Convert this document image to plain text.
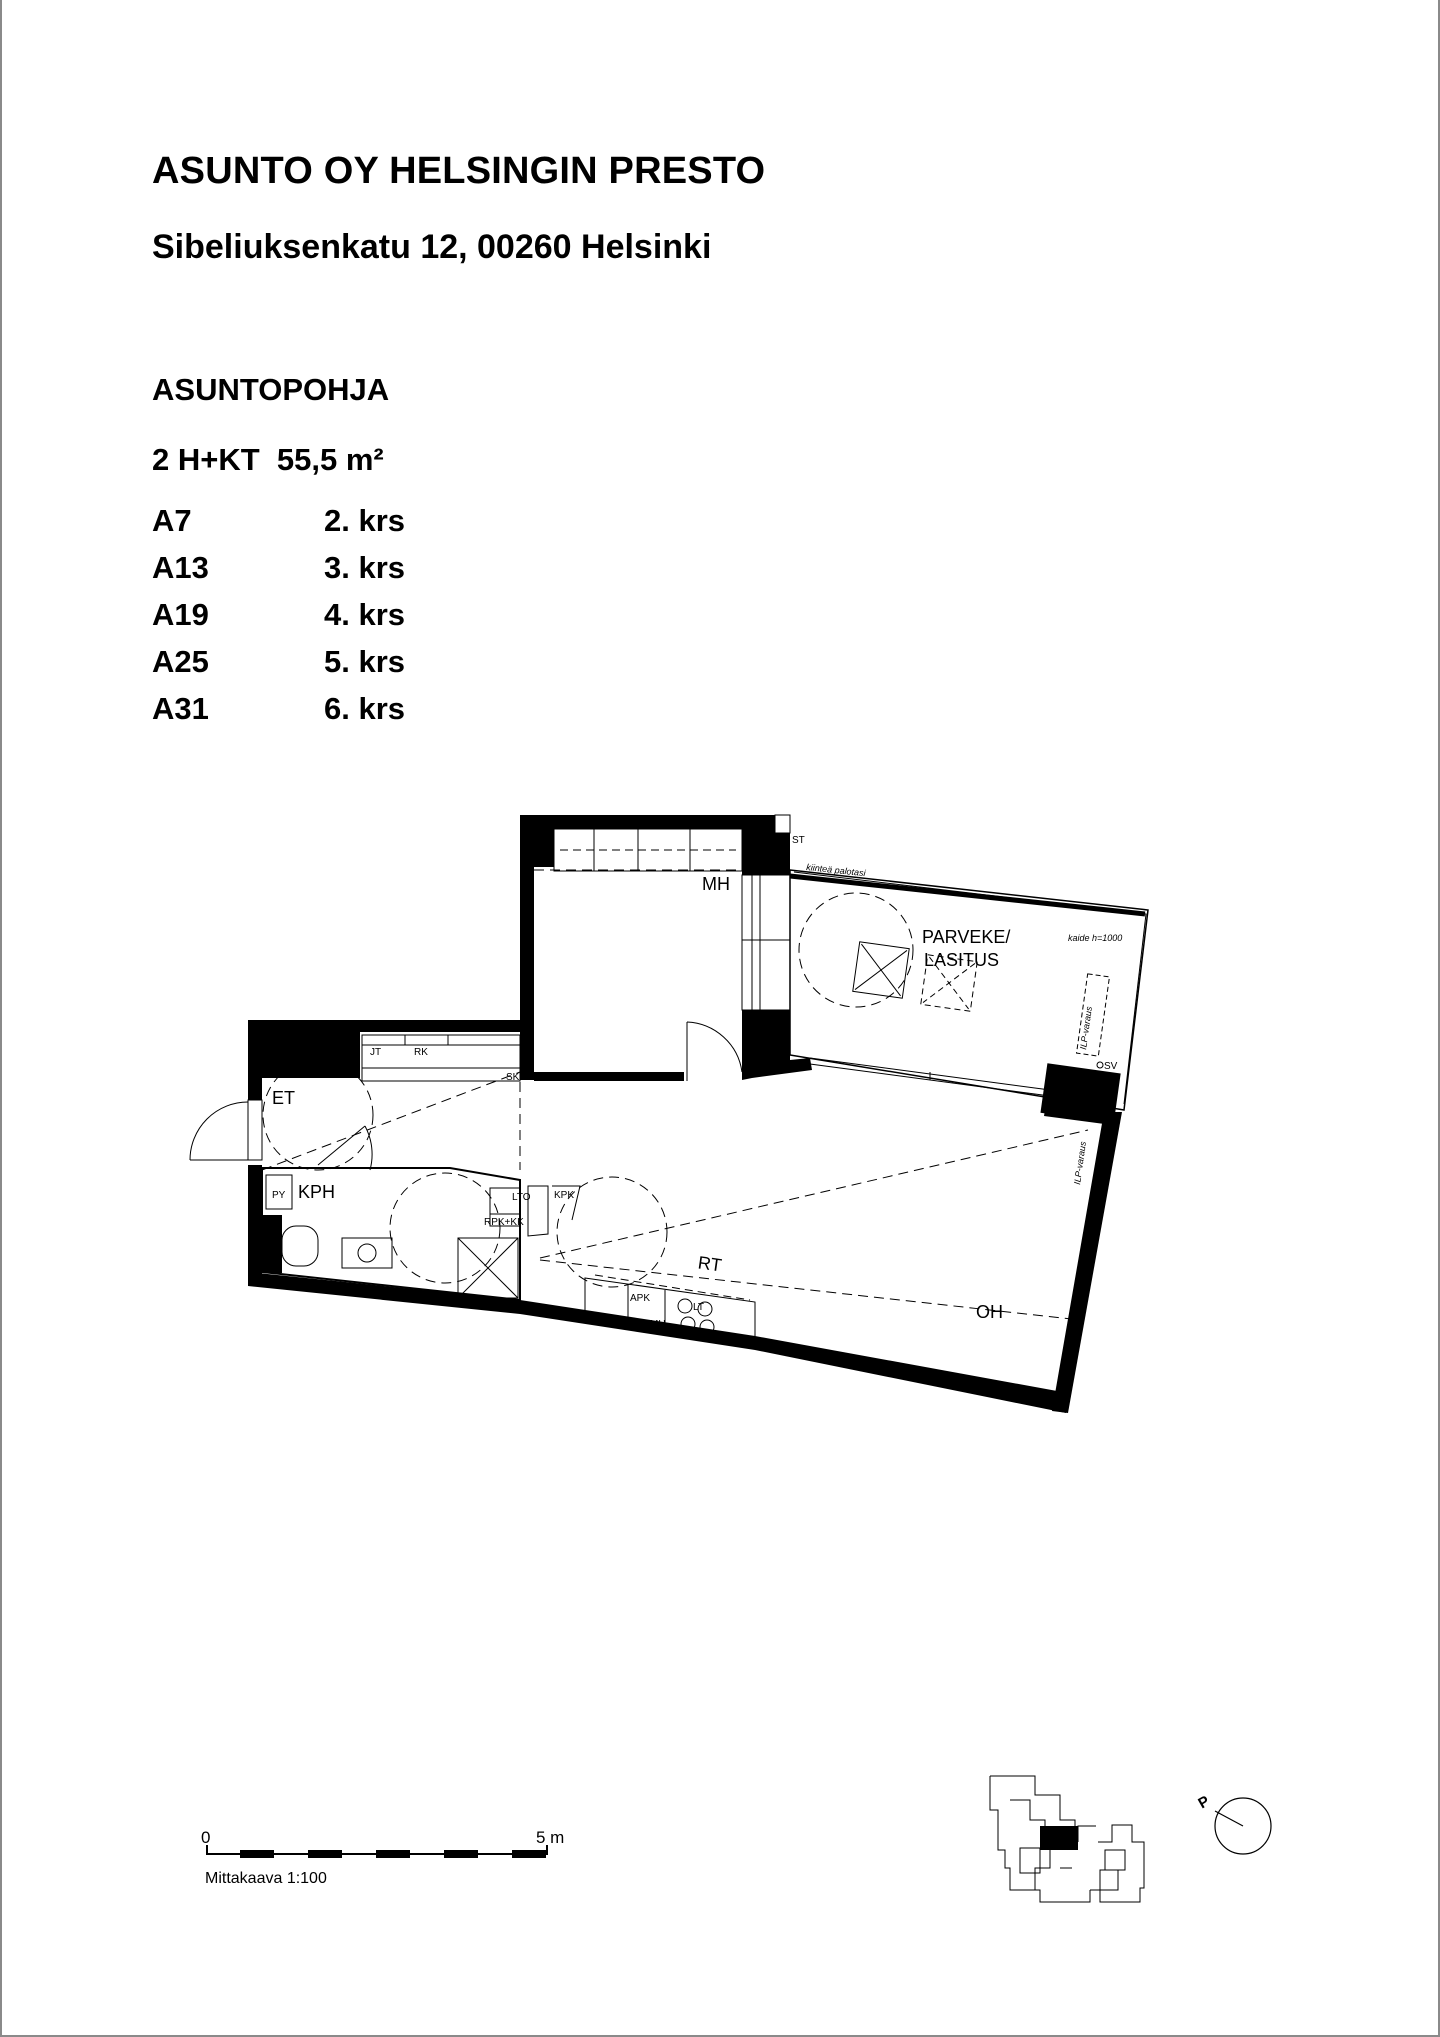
ASUNTO OY HELSINGIN PRESTO
Sibeliuksenkatu 12, 00260 Helsinki
ASUNTOPOHJA
2 H+KT  55,5 m²
A7	2. krs
A13	3. krs
A19	4. krs
A25	5. krs
A31	6. krs
MH
PARVEKE/
LASITUS
ET
KPH
RT
OH
ST
kiinteä palotasi
kaide h=1000
ILP-varaus
ILP-varaus
SV
JT	RK
SK
PY	LTO KPK
RPK+KK
APK
MU
LT
0	5 m
Mittakaava 1:100
P
